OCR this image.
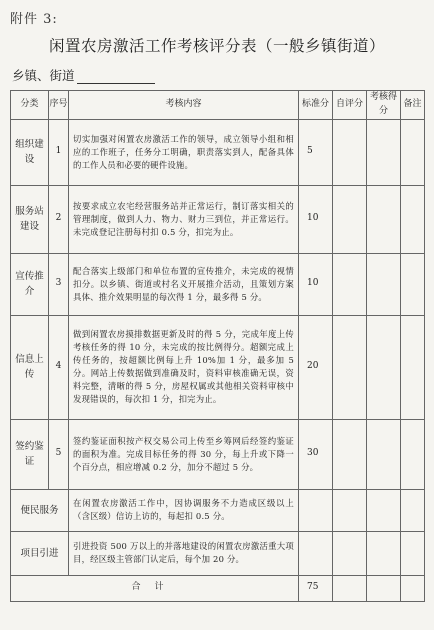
附件 3:
闲置农房激活工作考核评分表（一般乡镇街道）
乡镇、街道
分类	序号	考核内容	标准分	自评分	考核得分	备注
组织建设	1	切实加强对闲置农房激活工作的领导，成立领导小组和相应的工作班子，任务分工明确，职责落实到人，配备具体的工作人员和必要的硬件设施。	5			
服务站建设	2	按要求成立农宅经营服务站并正常运行，制订落实相关的管理制度，做到人力、物力、财力三到位，并正常运行。未完成登记注册每村扣 0.5 分，扣完为止。	10			
宣传推介	3	配合落实上级部门和单位布置的宣传推介，未完成的视情扣分。以乡镇、街道或村名义开展推介活动，且策划方案具体、推介效果明显的每次得 1 分，最多得 5 分。	10			
信息上传	4	做到闲置农房摸排数据更新及时的得 5 分，完成年度上传考核任务的得 10 分，未完成的按比例得分。超额完成上传任务的，按超额比例每上升 10%加 1 分，最多加 5 分。网站上传数据做到准确及时，资料审核准确无误，资料完整，清晰的得 5 分，房屋权属或其他相关资料审核中发现错误的，每次扣 1 分，扣完为止。	20			
签约鉴证	5	签约鉴证面积按产权交易公司上传至乡筹网后经签约鉴证的面积为准。完成目标任务的得 30 分，每上升或下降一个百分点，相应增减 0.2 分，加分不超过 5 分。	30			
便民服务		在闲置农房激活工作中，因协调服务不力造成区级以上（含区级）信访上访的，每起扣 0.5 分。				
项目引进		引进投资 500 万以上的并落地建设的闲置农房激活重大项目，经区级主管部门认定后，每个加 20 分。				
合计			75			
